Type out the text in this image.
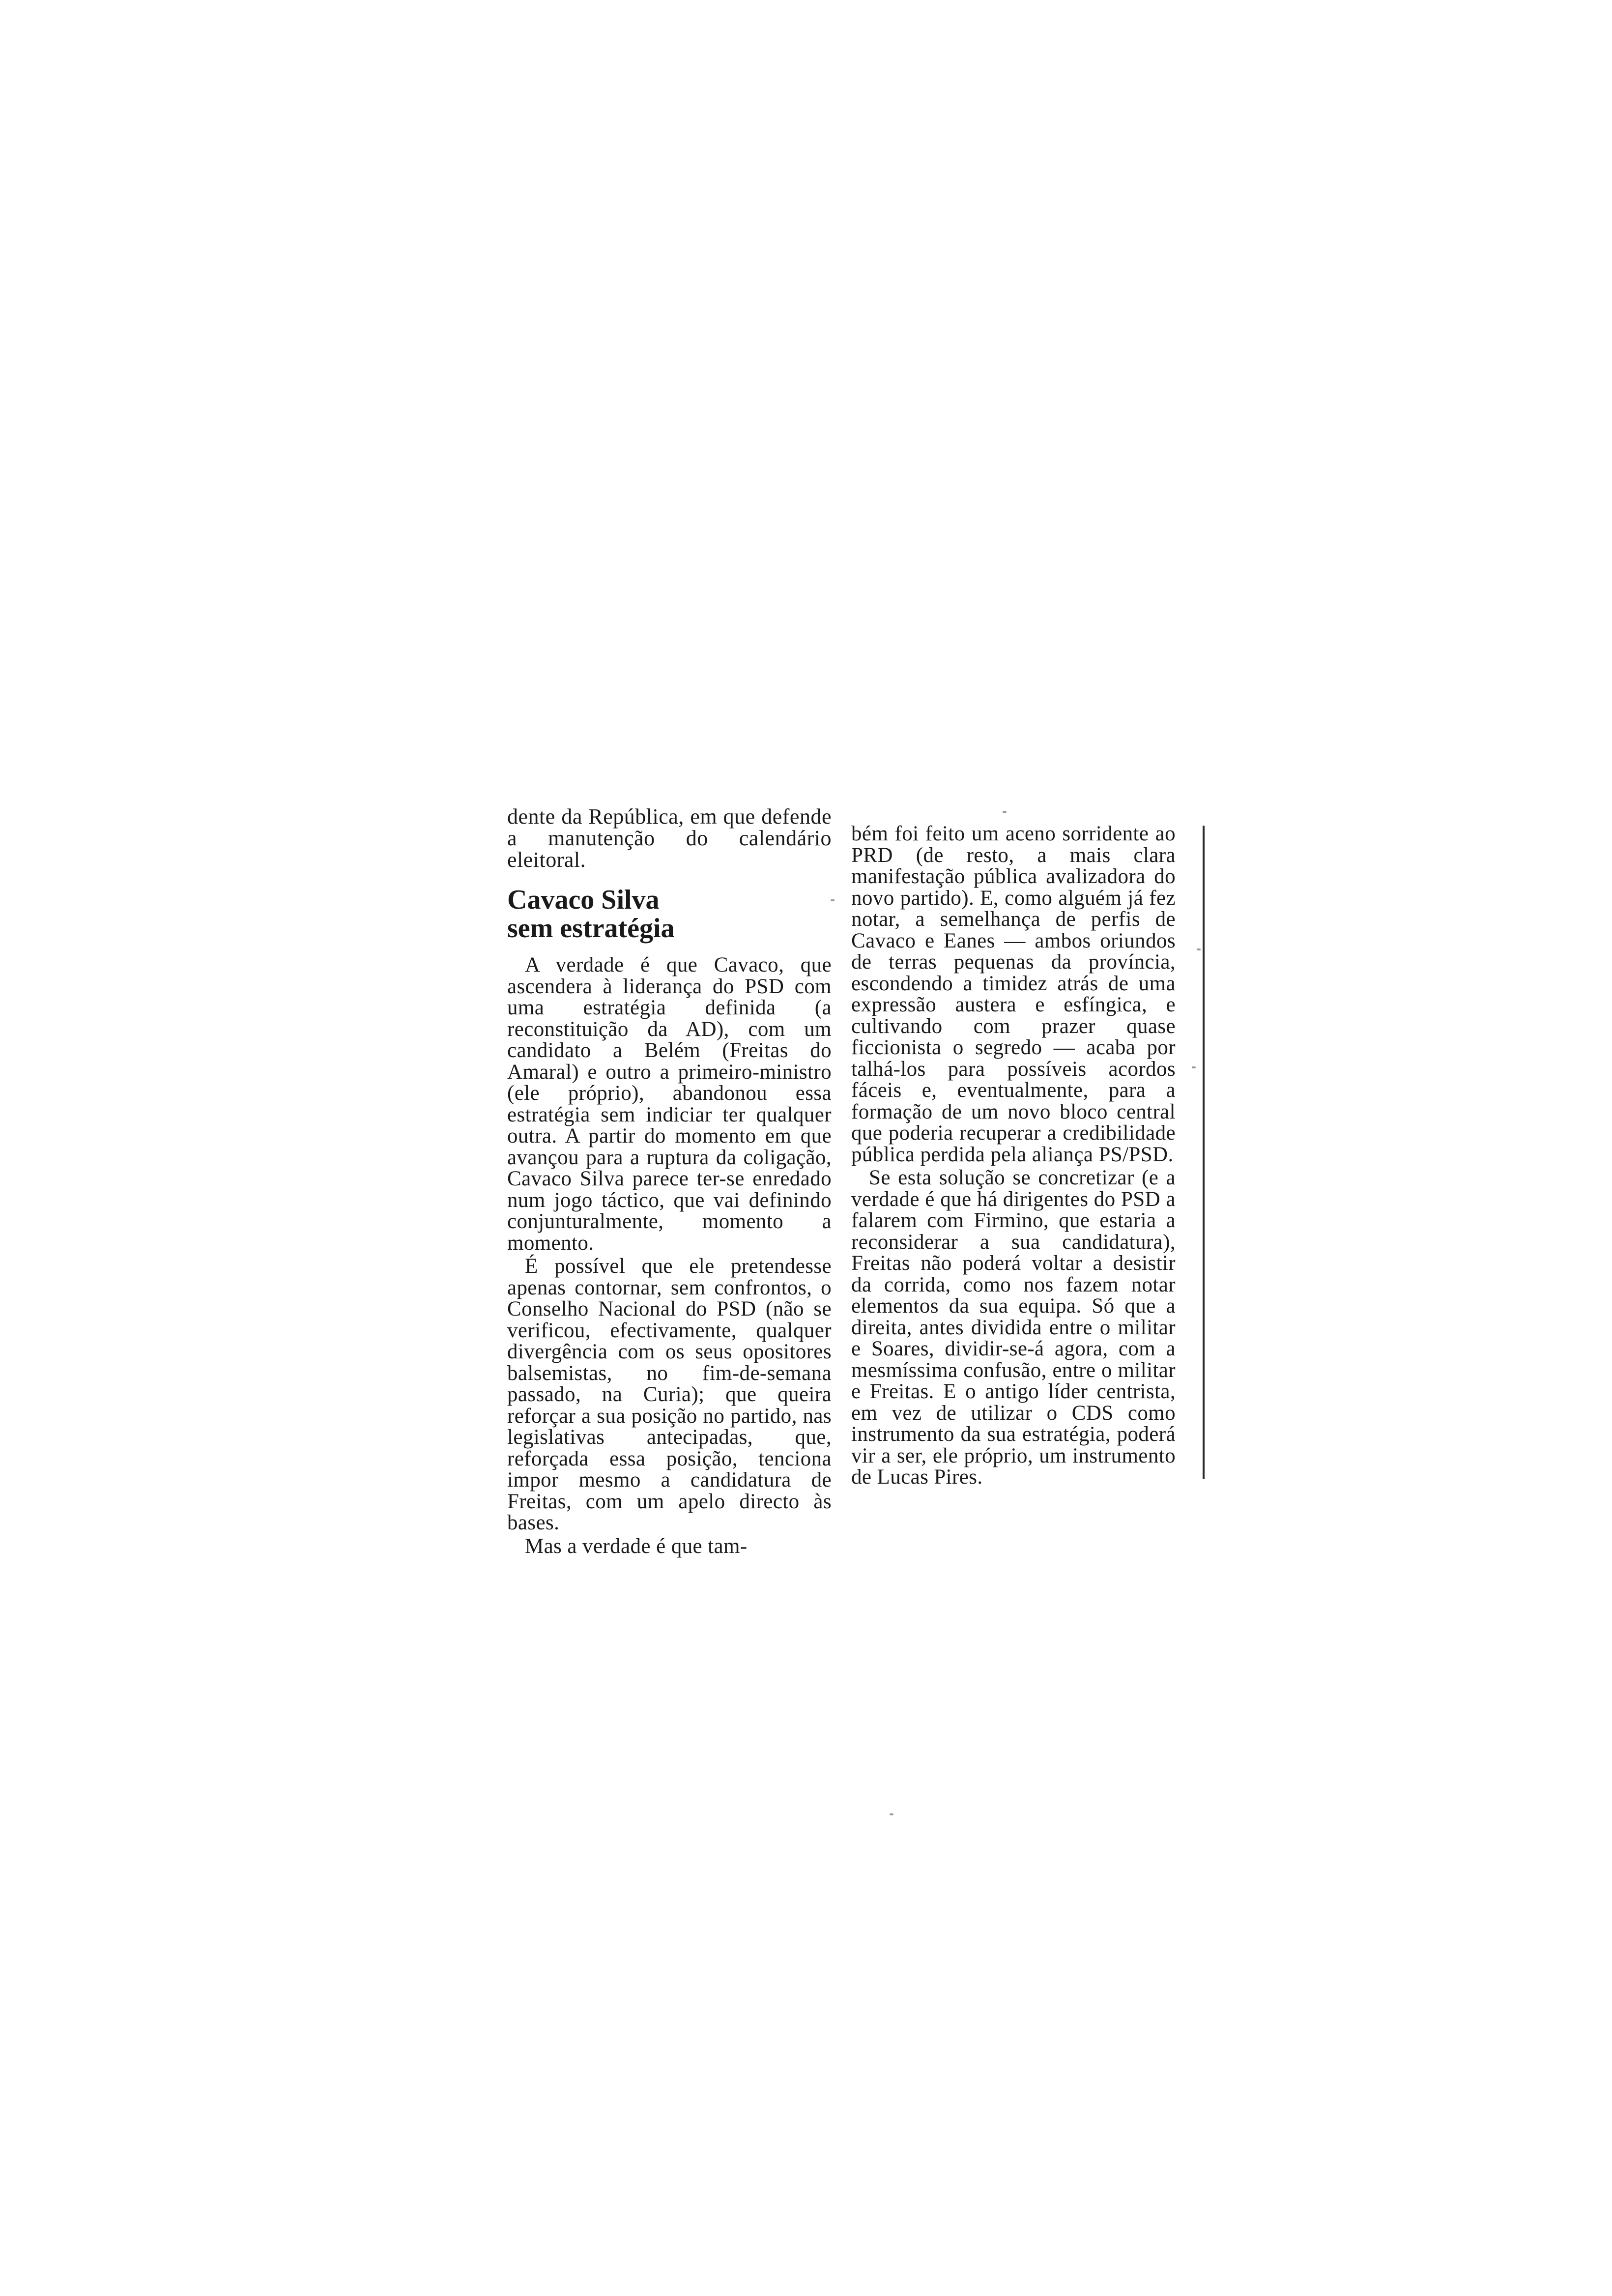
dente da República, em que defende a manutenção do calendário eleitoral.

Cavaco Silva
sem estratégia

A verdade é que Cavaco, que ascendera à liderança do PSD com uma estratégia definida (a reconstituição da AD), com um candidato a Belém (Freitas do Amaral) e outro a primeiro-ministro (ele próprio), abandonou essa estratégia sem indiciar ter qualquer outra. A partir do momento em que avançou para a ruptura da coligação, Cavaco Silva parece ter-se enredado num jogo táctico, que vai definindo conjunturalmente, momento a momento.

É possível que ele pretendesse apenas contornar, sem confrontos, o Conselho Nacional do PSD (não se verificou, efectivamente, qualquer divergência com os seus opositores balsemistas, no fim-de-semana passado, na Curia); que queira reforçar a sua posição no partido, nas legislativas antecipadas, que, reforçada essa posição, tenciona impor mesmo a candidatura de Freitas, com um apelo directo às bases.

Mas a verdade é que tam-

bém foi feito um aceno sorridente ao PRD (de resto, a mais clara manifestação pública avalizadora do novo partido). E, como alguém já fez notar, a semelhança de perfis de Cavaco e Eanes — ambos oriundos de terras pequenas da província, escondendo a timidez atrás de uma expressão austera e esfíngica, e cultivando com prazer quase ficcionista o segredo — acaba por talhá-los para possíveis acordos fáceis e, eventualmente, para a formação de um novo bloco central que poderia recuperar a credibilidade pública perdida pela aliança PS/PSD.

Se esta solução se concretizar (e a verdade é que há dirigentes do PSD a falarem com Firmino, que estaria a reconsiderar a sua candidatura), Freitas não poderá voltar a desistir da corrida, como nos fazem notar elementos da sua equipa. Só que a direita, antes dividida entre o militar e Soares, dividir-se-á agora, com a mesmíssima confusão, entre o militar e Freitas. E o antigo líder centrista, em vez de utilizar o CDS como instrumento da sua estratégia, poderá vir a ser, ele próprio, um instrumento de Lucas Pires.
